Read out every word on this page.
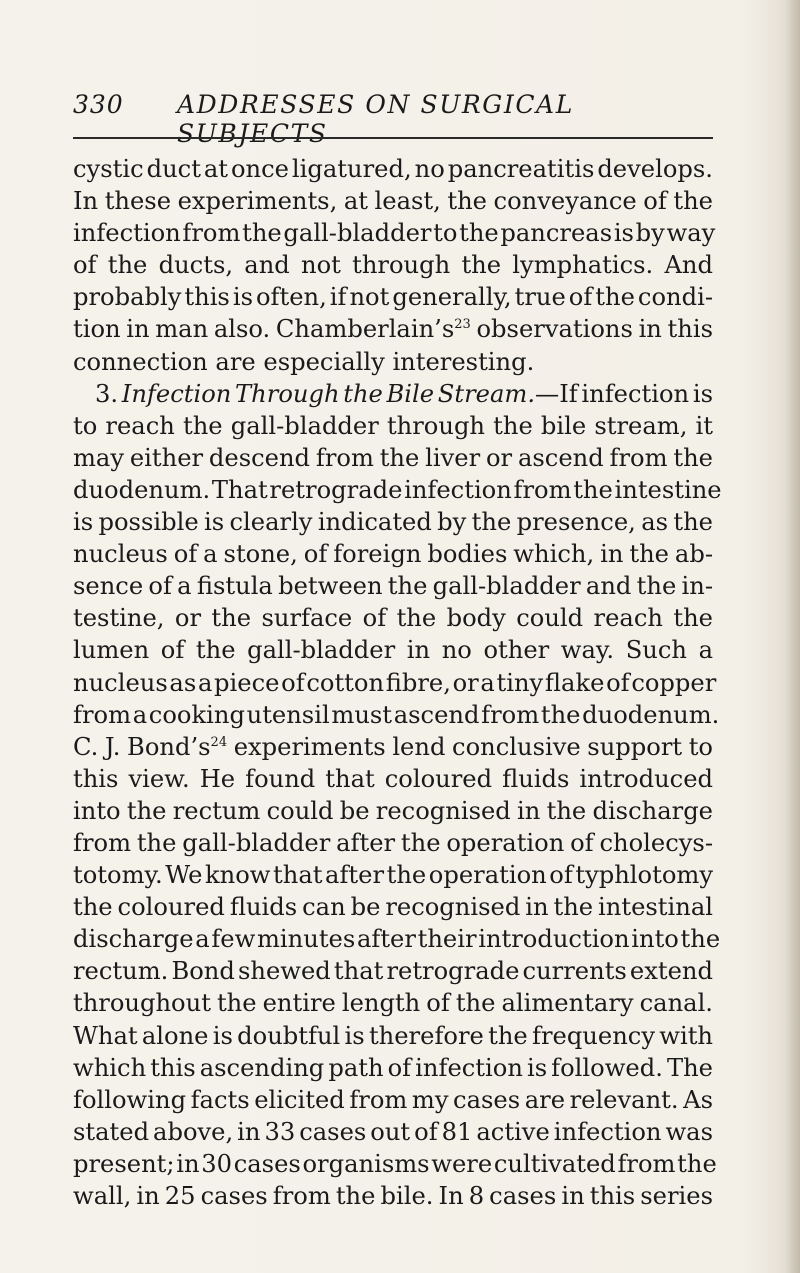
330 ADDRESSES ON SURGICAL SUBJECTS
cystic duct at once ligatured, no pancreatitis develops.
In these experiments, at least, the conveyance of the
infection from the gall-bladder to the pancreas is by way
of the ducts, and not through the lymphatics. And
probably this is often, if not generally, true of the condi-
tion in man also. $Chamberlain’s^{23}$ observations in this
connection are especially interesting.
3. Infection Through the Bile Stream.—If infection is
to reach the gall-bladder through the bile stream, it
may either descend from the liver or ascend from the
duodenum. That retrograde infection from the intestine
is possible is clearly indicated by the presence, as the
nucleus of a stone, of foreign bodies which, in the ab-
sence of a fistula between the gall-bladder and the in-
testine, or the surface of the body could reach the
lumen of the gall-bladder in no other way. Such a
nucleus as a piece of cotton fibre, or a tiny flake of copper
from a cooking utensil must ascend from the duodenum.
C. J. $Bond’s^{24}$ experiments lend conclusive support to
this view. He found that coloured fluids introduced
into the rectum could be recognised in the discharge
from the gall-bladder after the operation of cholecys-
totomy. We know that after the operation of typhlotomy
the coloured fluids can be recognised in the intestinal
discharge a few minutes after their introduction into the
rectum. Bond shewed that retrograde currents extend
throughout the entire length of the alimentary canal.
What alone is doubtful is therefore the frequency with
which this ascending path of infection is followed. The
following facts elicited from my cases are relevant. As
stated above, in 33 cases out of 81 active infection was
present; in 30 cases organisms were cultivated from the
wall, in 25 cases from the bile. In 8 cases in this series
